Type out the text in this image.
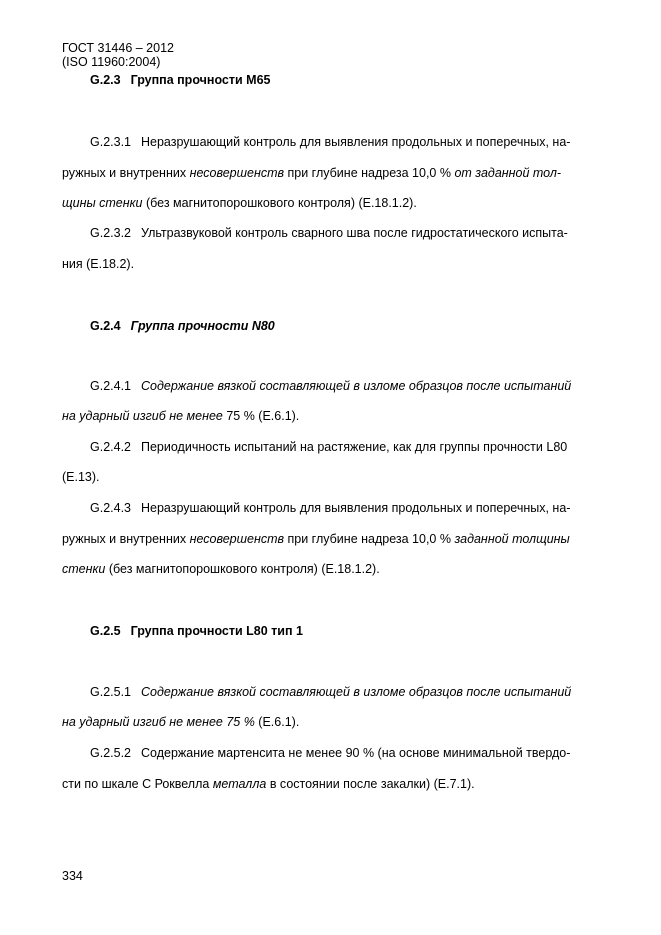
ГОСТ 31446 – 2012
(ISO 11960:2004)
G.2.3 Группа прочности М65
G.2.3.1 Неразрушающий контроль для выявления продольных и поперечных, на-
ружных и внутренних несовершенств при глубине надреза 10,0 % от заданной тол-
щины стенки (без магнитопорошкового контроля) (Е.18.1.2).
G.2.3.2 Ультразвуковой контроль сварного шва после гидростатического испыта-
ния (Е.18.2).
G.2.4 Группа прочности N80
G.2.4.1 Содержание вязкой составляющей в изломе образцов после испытаний
на ударный изгиб не менее 75 % (Е.6.1).
G.2.4.2 Периодичность испытаний на растяжение, как для группы прочности L80
(Е.13).
G.2.4.3 Неразрушающий контроль для выявления продольных и поперечных, на-
ружных и внутренних несовершенств при глубине надреза 10,0 % заданной толщины
стенки (без магнитопорошкового контроля) (Е.18.1.2).
G.2.5 Группа прочности L80 тип 1
G.2.5.1 Содержание вязкой составляющей в изломе образцов после испытаний
на ударный изгиб не менее 75 % (Е.6.1).
G.2.5.2 Содержание мартенсита не менее 90 % (на основе минимальной твердо-
сти по шкале С Роквелла металла в состоянии после закалки) (Е.7.1).
334
